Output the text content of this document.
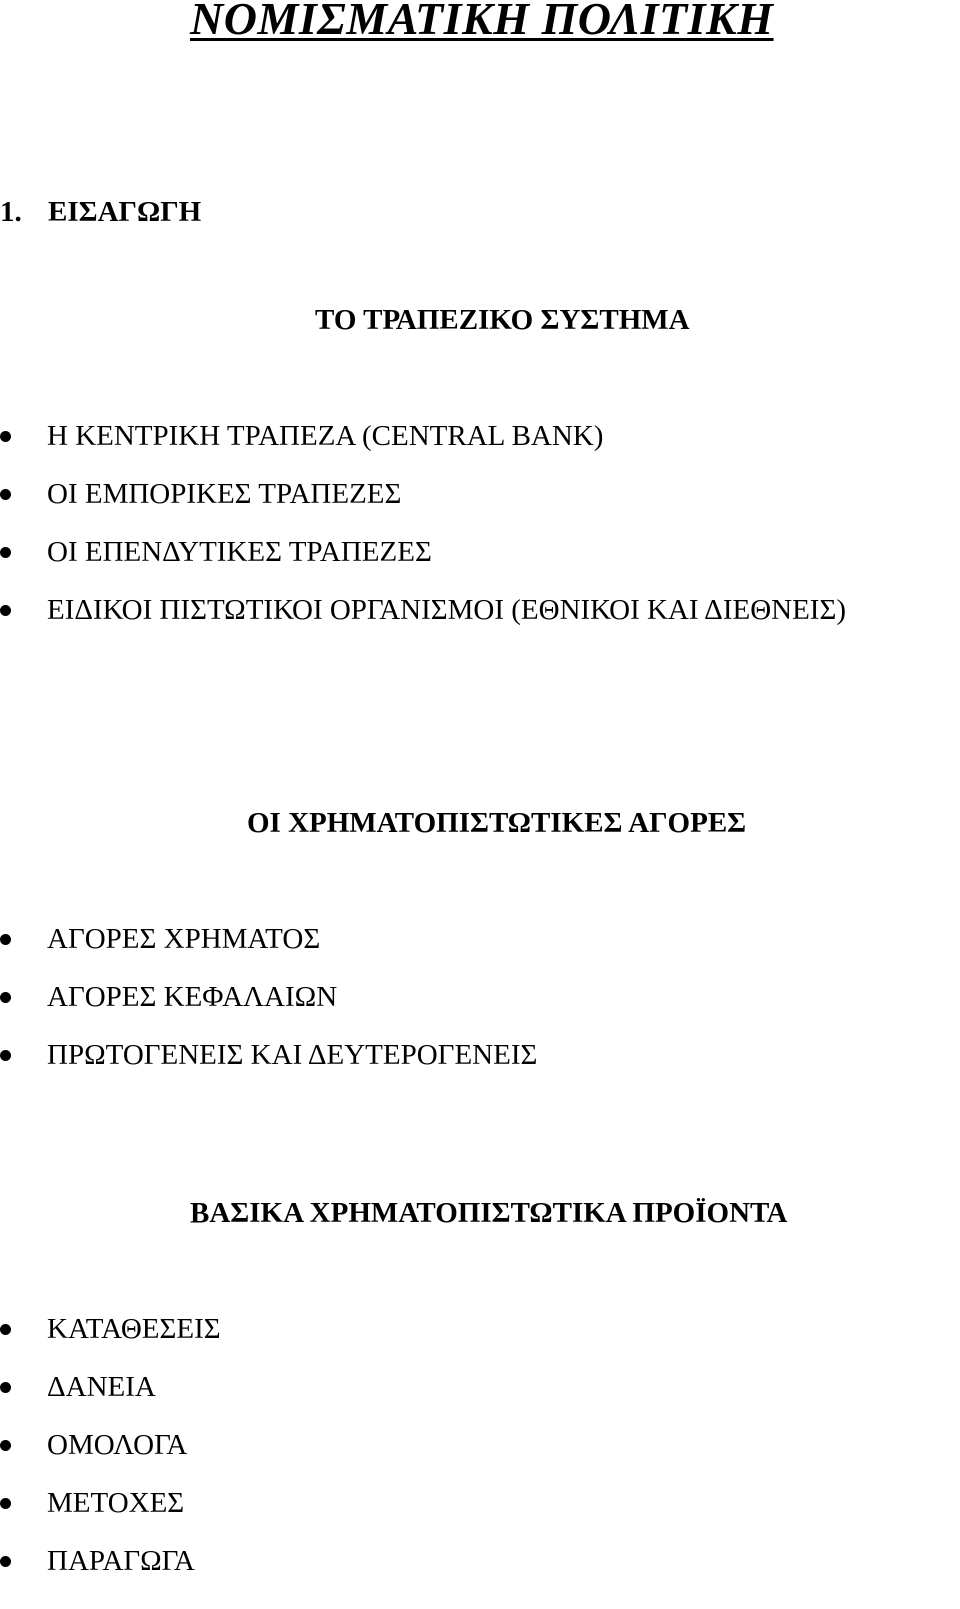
ΝΟΜΙΣΜΑΤΙΚΗ ΠΟΛΙΤΙΚΗ
1. ΕΙΣΑΓΩΓΗ
ΤΟ ΤΡΑΠΕΖΙΚΟ ΣΥΣΤΗΜΑ
Η ΚΕΝΤΡΙΚΗ ΤΡΑΠΕΖΑ (CENTRAL BANK)
ΟΙ ΕΜΠΟΡΙΚΕΣ ΤΡΑΠΕΖΕΣ
ΟΙ ΕΠΕΝΔΥΤΙΚΕΣ ΤΡΑΠΕΖΕΣ
ΕΙΔΙΚΟΙ ΠΙΣΤΩΤΙΚΟΙ ΟΡΓΑΝΙΣΜΟΙ (ΕΘΝΙΚΟΙ ΚΑΙ ΔΙΕΘΝΕΙΣ)
ΟΙ ΧΡΗΜΑΤΟΠΙΣΤΩΤΙΚΕΣ ΑΓΟΡΕΣ
ΑΓΟΡΕΣ ΧΡΗΜΑΤΟΣ
ΑΓΟΡΕΣ ΚΕΦΑΛΑΙΩΝ
ΠΡΩΤΟΓΕΝΕΙΣ ΚΑΙ ΔΕΥΤΕΡΟΓΕΝΕΙΣ
ΒΑΣΙΚΑ ΧΡΗΜΑΤΟΠΙΣΤΩΤΙΚΑ ΠΡΟΪΟΝΤΑ
ΚΑΤΑΘΕΣΕΙΣ
ΔΑΝΕΙΑ
ΟΜΟΛΟΓΑ
ΜΕΤΟΧΕΣ
ΠΑΡΑΓΩΓΑ
